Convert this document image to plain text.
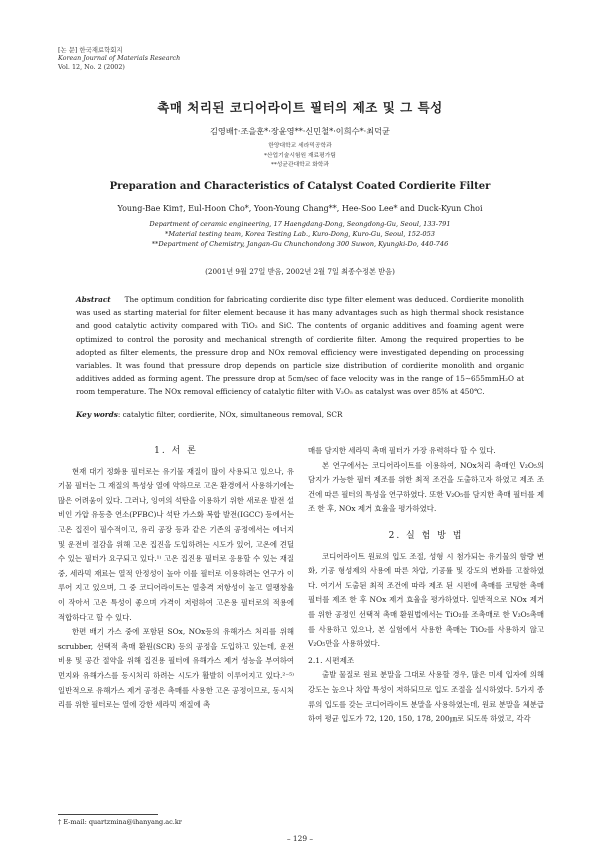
[논 문] 한국재료학회지
Korean Journal of Materials Research
Vol. 12, No. 2 (2002)
촉매 처리된 코디어라이트 필터의 제조 및 그 특성
김영배†·조을훈*·장윤영**·신민철*·이희수*·최덕균
한양대학교 세라믹공학과
*산업기술시험원 재료평가팀
**성균관대학교 화학과
Preparation and Characteristics of Catalyst Coated Cordierite Filter
Young-Bae Kim†, Eul-Hoon Cho*, Yoon-Young Chang**, Hee-Soo Lee* and Duck-Kyun Choi
Department of ceramic engineering, 17 Haengdang-Dong, Seongdong-Gu, Seoul, 133-791
*Material testing team, Korea Testing Lab., Kuro-Dong, Kuro-Gu, Seoul, 152-053
**Department of Chemistry, Jangan-Gu Chunchondong 300 Suwon, Kyungki-Do, 440-746
(2001년 9월 27일 받음, 2002년 2월 7일 최종수정본 받음)
Abstract The optimum condition for fabricating cordierite disc type filter element was deduced. Cordierite monolith was used as starting material for filter element because it has many advantages such as high thermal shock resistance and good catalytic activity compared with TiO₂ and SiC. The contents of organic additives and foaming agent were optimized to control the porosity and mechanical strength of cordierite filter. Among the required properties to be adopted as filter elements, the pressure drop and NOx removal efficiency were investigated depending on processing variables. It was found that pressure drop depends on particle size distribution of cordierite monolith and organic additives added as forming agent. The pressure drop at 5cm/sec of face velocity was in the range of 15∼655mmH₂O at room temperature. The NOx removal efficiency of catalytic filter with V₂O₅ as catalyst was over 85% at 450℃.
Key words: catalytic filter, cordierite, NOx, simultaneous removal, SCR
1. 서 론

현재 대기 정화용 필터로는 유기물 재질이 많이 사용되고 있으나, 유기물 필터는 그 재질의 특성상 열에 약하므로 고온 환경에서 사용하기에는 많은 어려움이 있다. 그러나, 잉여의 석탄을 이용하기 위한 새로운 발전 설비인 가압 유동층 연소(PFBC)나 석탄 가스화 복합 발전(IGCC) 등에서는 고온 집진이 필수적이고, 유리 공장 등과 같은 기존의 공정에서는 에너지 및 운전비 절감을 위해 고온 집진을 도입하려는 시도가 있어, 고온에 견딜 수 있는 필터가 요구되고 있다.¹⁾ 고온 집진용 필터로 응용할 수 있는 재질 중, 세라믹 재료는 열적 안정성이 높아 이를 필터로 이용하려는 연구가 이루어 지고 있으며, 그 중 코디어라이트는 열충격 저항성이 높고 열팽창율이 작아서 고온 특성이 좋으며 가격이 저렴하여 고온용 필터로의 적용에 적합하다고 할 수 있다.

한편 배기 가스 중에 포함된 SOx, NOx등의 유해가스 처리를 위해 scrubber, 선택적 촉매 환원(SCR) 등의 공정을 도입하고 있는데, 운전 비용 및 공간 절약을 위해 집진용 필터에 유해가스 제거 성능을 부여하여 먼지와 유해가스를 동시처리 하려는 시도가 활발히 이루어지고 있다.²⁻⁵⁾ 일반적으로 유해가스 제거 공정은 촉매를 사용한 고온 공정이므로, 동시처리를 위한 필터로는 열에 강한 세라믹 재질에 촉

매를 담지한 세라믹 촉매 필터가 가장 유력하다 할 수 있다.

본 연구에서는 코디어라이트를 이용하여, NOx처리 촉매인 V₂O₅의 담지가 가능한 필터 제조를 위한 최적 조건을 도출하고자 하였고 제조 조건에 따른 필터의 특성을 연구하였다. 또한 V₂O₅를 담지한 촉매 필터를 제조 한 후, NOx 제거 효율을 평가하였다.

2. 실 험 방 법

코디어라이트 원료의 입도 조절, 성형 시 첨가되는 유기물의 함량 변화, 기공 형성제의 사용에 따른 차압, 기공률 및 강도의 변화를 고찰하였다. 여기서 도출된 최적 조건에 따라 제조 된 시편에 촉매를 코팅한 촉매 필터를 제조 한 후 NOx 제거 효율을 평가하였다. 일반적으로 NOx 제거를 위한 공정인 선택적 촉매 환원법에서는 TiO₂를 조촉매로 한 V₂O₅촉매를 사용하고 있으나, 본 실험에서 사용한 촉매는 TiO₂를 사용하지 않고 V₂O₅만을 사용하였다.

2.1. 시편제조

출발 물질로 원료 분말을 그대로 사용할 경우, 많은 미세 입자에 의해 강도는 높으나 차압 특성이 저하되므로 입도 조절을 실시하였다. 5가지 종류의 입도를 갖는 코디어라이트 분말을 사용하였는데, 원료 분말을 체분급하여 평균 입도가 72, 120, 150, 178, 200㎛로 되도록 하였고, 각각

† E-mail: quartzmina@ihanyang.ac.kr
– 129 –
